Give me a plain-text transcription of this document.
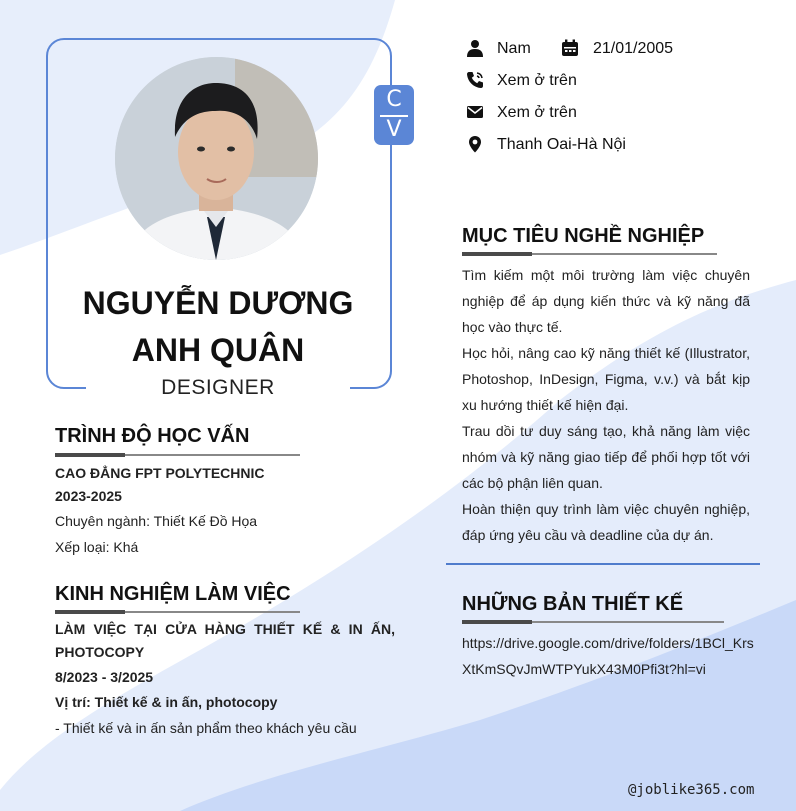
C
V
NGUYỄN DƯƠNG ANH QUÂN
DESIGNER
Nam	21/01/2005
Xem ở trên
Xem ở trên
Thanh Oai-Hà Nội
TRÌNH ĐỘ HỌC VẤN
CAO ĐẲNG FPT POLYTECHNIC
2023-2025
Chuyên ngành: Thiết Kế Đồ Họa
Xếp loại: Khá
KINH NGHIỆM LÀM VIỆC
LÀM VIỆC TẠI CỬA HÀNG THIẾT KẾ & IN ẤN, PHOTOCOPY
8/2023 - 3/2025
Vị trí: Thiết kế & in ấn, photocopy
- Thiết kế và in ấn sản phẩm theo khách yêu cầu
MỤC TIÊU NGHỀ NGHIỆP

Tìm kiếm một môi trường làm việc chuyên nghiệp để áp dụng kiến thức và kỹ năng đã học vào thực tế.

Học hỏi, nâng cao kỹ năng thiết kế (Illustrator, Photoshop, InDesign, Figma, v.v.) và bắt kịp xu hướng thiết kế hiện đại.

Trau dồi tư duy sáng tạo, khả năng làm việc nhóm và kỹ năng giao tiếp để phối hợp tốt với các bộ phận liên quan.

Hoàn thiện quy trình làm việc chuyên nghiệp, đáp ứng yêu cầu và deadline của dự án.

NHỮNG BẢN THIẾT KẾ
https://drive.google.com/drive/folders/1BCl_KrsXtKmSQvJmWTPYukX43M0Pfi3t?hl=vi
@joblike365.com
